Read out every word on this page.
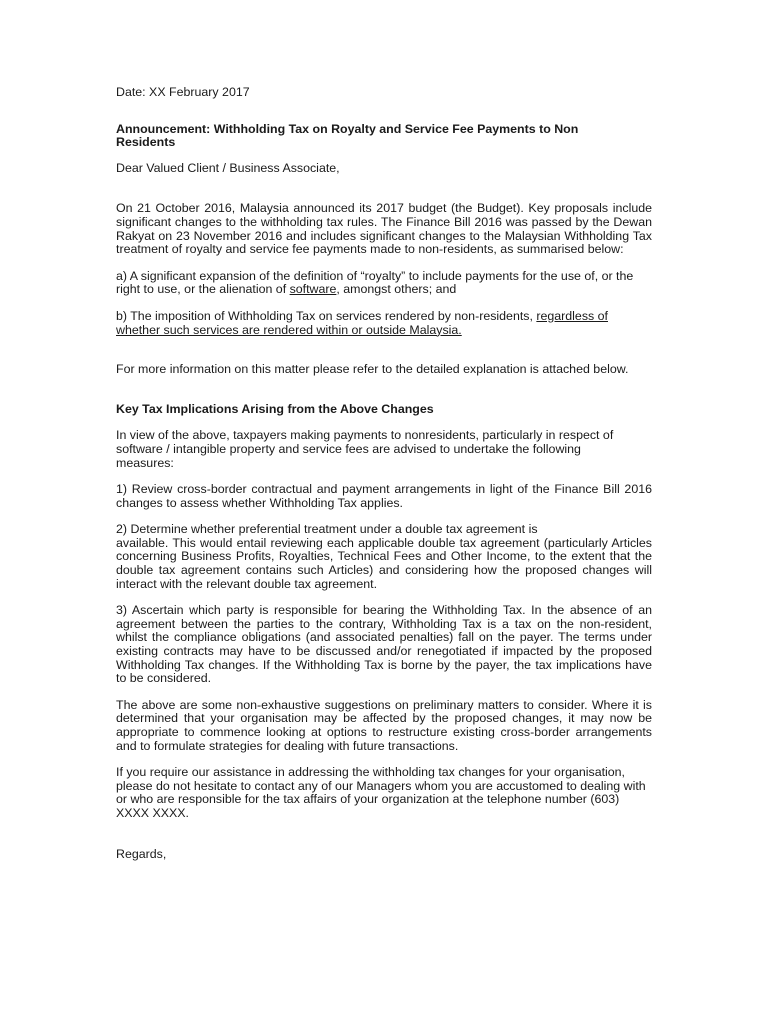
Date: XX February 2017

Announcement: Withholding Tax on Royalty and Service Fee Payments to Non Residents

Dear Valued Client / Business Associate,

On 21 October 2016, Malaysia announced its 2017 budget (the Budget). Key proposals include significant changes to the withholding tax rules. The Finance Bill 2016 was passed by the Dewan Rakyat on 23 November 2016 and includes significant changes to the Malaysian Withholding Tax treatment of royalty and service fee payments made to non-residents, as summarised below:

a) A significant expansion of the definition of “royalty” to include payments for the use of, or the right to use, or the alienation of software, amongst others; and

b) The imposition of Withholding Tax on services rendered by non-residents, regardless of whether such services are rendered within or outside Malaysia.

For more information on this matter please refer to the detailed explanation is attached below.

Key Tax Implications Arising from the Above Changes

In view of the above, taxpayers making payments to nonresidents, particularly in respect of software / intangible property and service fees are advised to undertake the following measures:

1) Review cross-border contractual and payment arrangements in light of the Finance Bill 2016 changes to assess whether Withholding Tax applies.

2) Determine whether preferential treatment under a double tax agreement is

available. This would entail reviewing each applicable double tax agreement (particularly Articles concerning Business Profits, Royalties, Technical Fees and Other Income, to the extent that the double tax agreement contains such Articles) and considering how the proposed changes will interact with the relevant double tax agreement.

3) Ascertain which party is responsible for bearing the Withholding Tax. In the absence of an agreement between the parties to the contrary, Withholding Tax is a tax on the non-resident, whilst the compliance obligations (and associated penalties) fall on the payer. The terms under existing contracts may have to be discussed and/or renegotiated if impacted by the proposed Withholding Tax changes. If the Withholding Tax is borne by the payer, the tax implications have to be considered.

The above are some non-exhaustive suggestions on preliminary matters to consider. Where it is determined that your organisation may be affected by the proposed changes, it may now be appropriate to commence looking at options to restructure existing cross-border arrangements and to formulate strategies for dealing with future transactions.

If you require our assistance in addressing the withholding tax changes for your organisation, please do not hesitate to contact any of our Managers whom you are accustomed to dealing with or who are responsible for the tax affairs of your organization at the telephone number (603) XXXX XXXX.

Regards,
